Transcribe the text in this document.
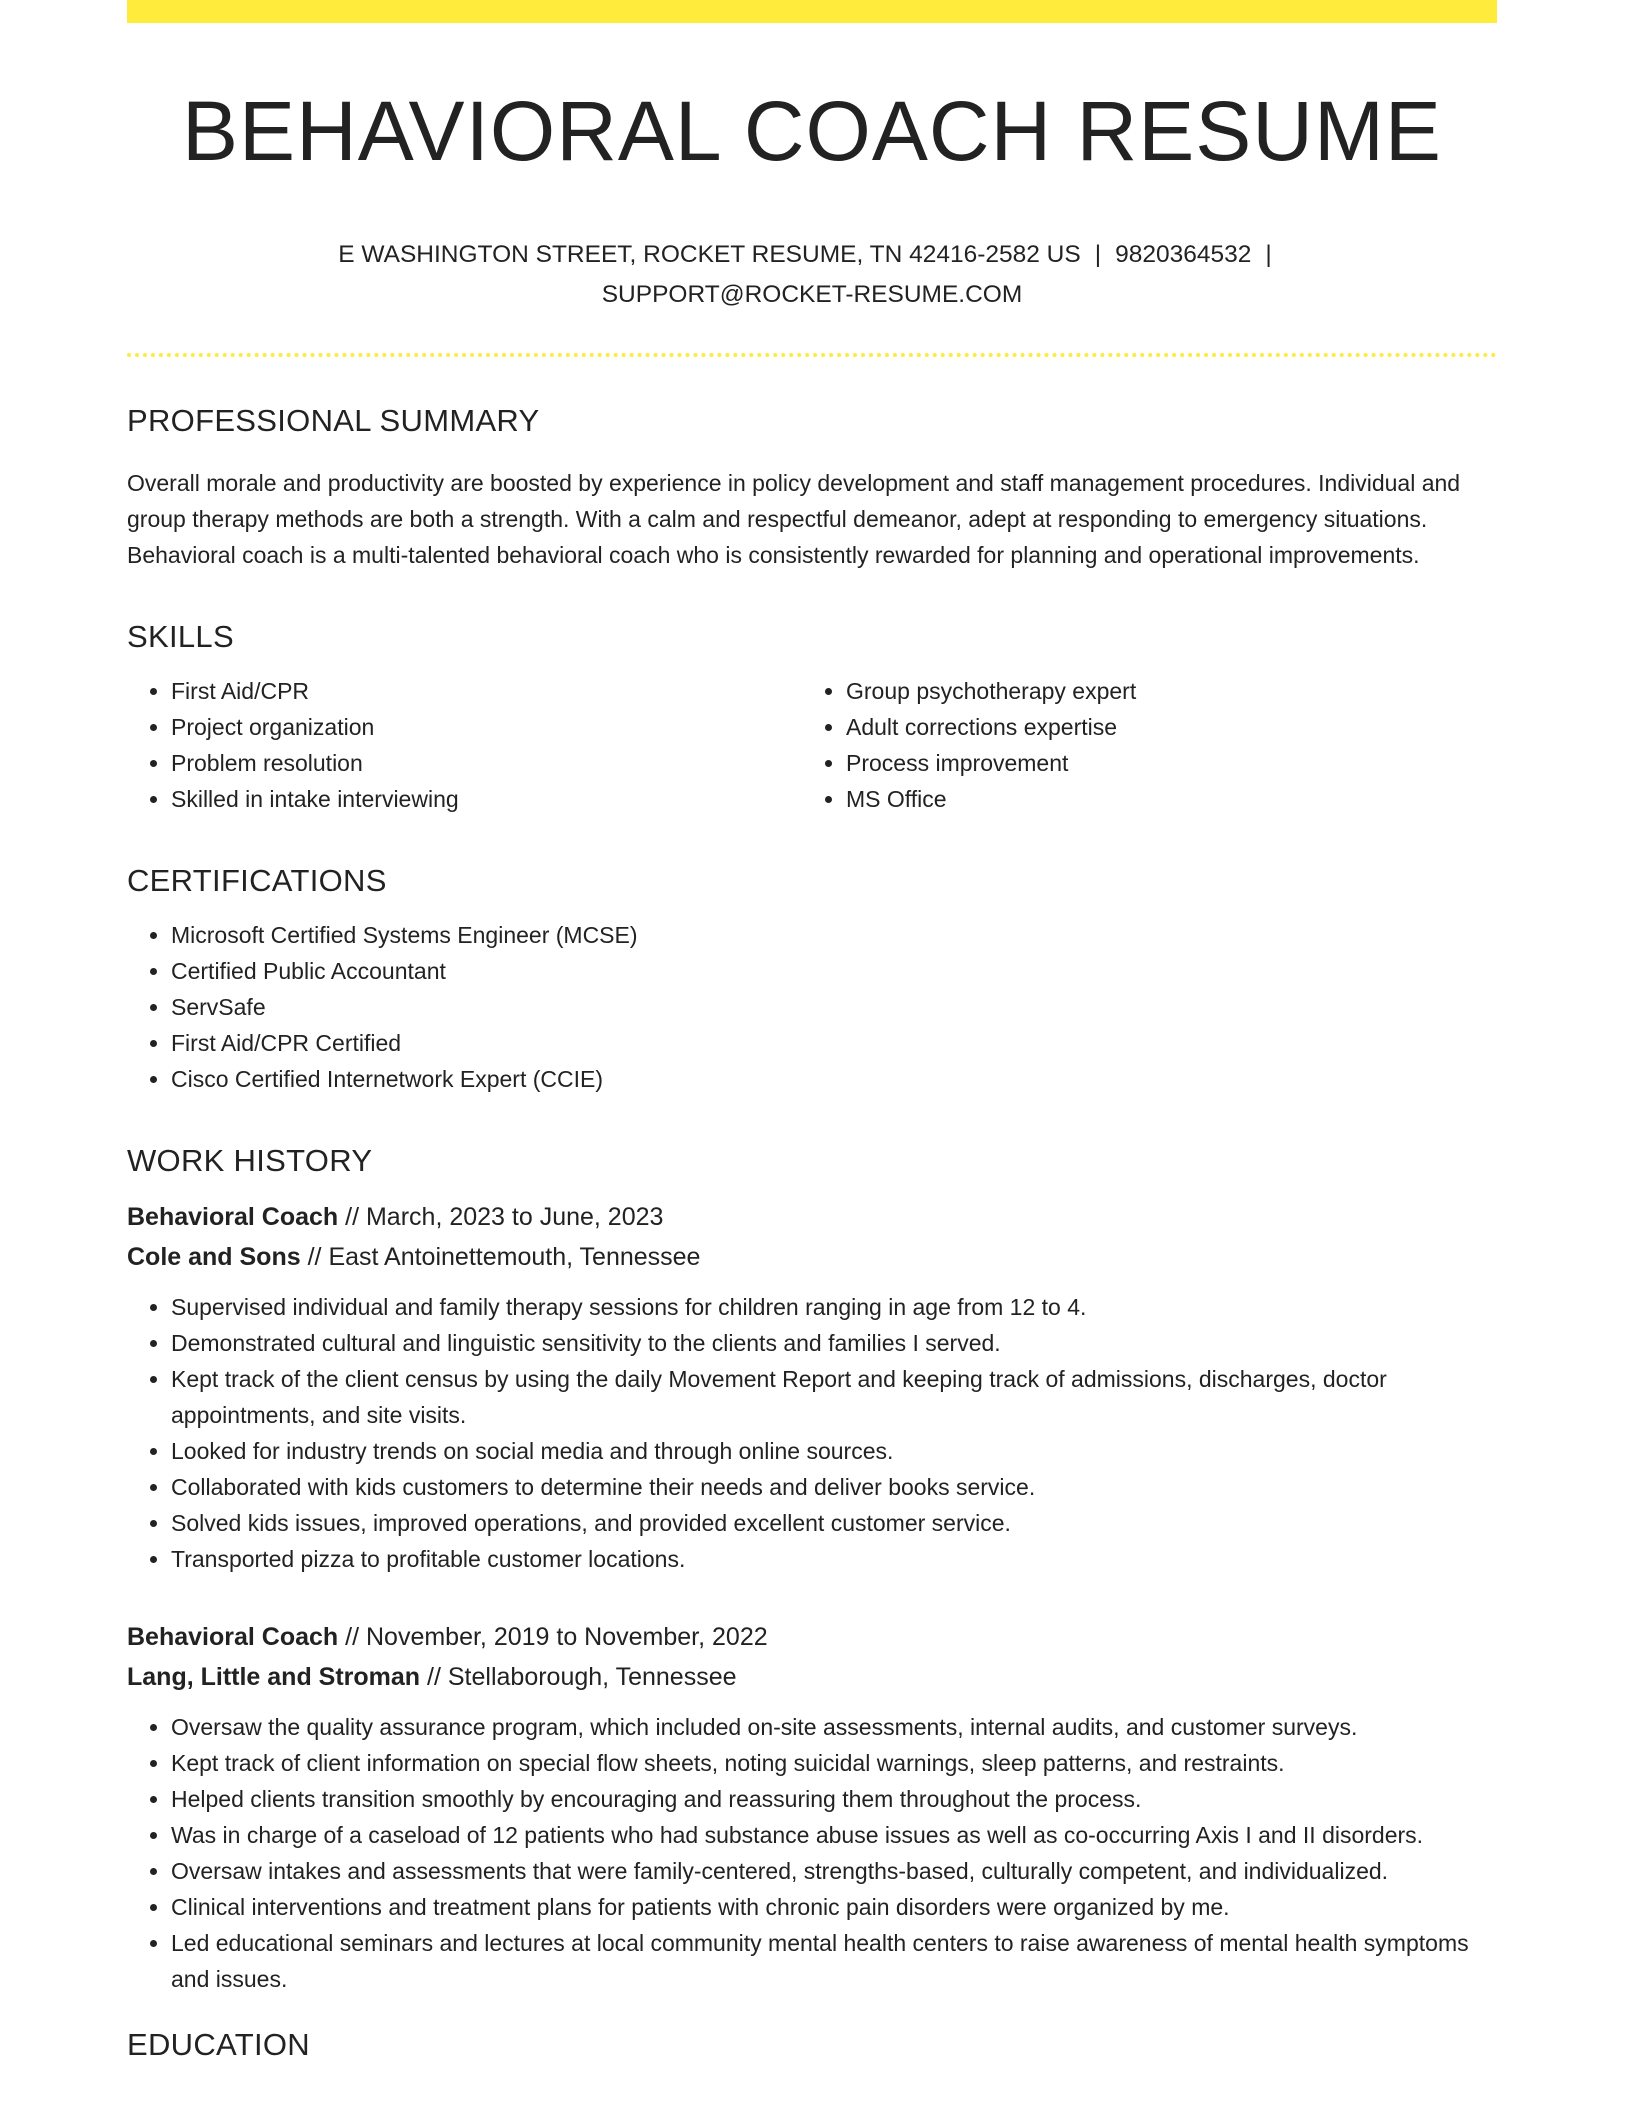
BEHAVIORAL COACH RESUME
E WASHINGTON STREET, ROCKET RESUME, TN 42416-2582 US | 9820364532 |
SUPPORT@ROCKET-RESUME.COM
PROFESSIONAL SUMMARY
Overall morale and productivity are boosted by experience in policy development and staff management procedures. Individual and group therapy methods are both a strength. With a calm and respectful demeanor, adept at responding to emergency situations. Behavioral coach is a multi-talented behavioral coach who is consistently rewarded for planning and operational improvements.
SKILLS
• First Aid/CPR
• Project organization
• Problem resolution
• Skilled in intake interviewing
• Group psychotherapy expert
• Adult corrections expertise
• Process improvement
• MS Office
CERTIFICATIONS
• Microsoft Certified Systems Engineer (MCSE)
• Certified Public Accountant
• ServSafe
• First Aid/CPR Certified
• Cisco Certified Internetwork Expert (CCIE)
WORK HISTORY
Behavioral Coach // March, 2023 to June, 2023
Cole and Sons // East Antoinettemouth, Tennessee
• Supervised individual and family therapy sessions for children ranging in age from 12 to 4.
• Demonstrated cultural and linguistic sensitivity to the clients and families I served.
• Kept track of the client census by using the daily Movement Report and keeping track of admissions, discharges, doctor appointments, and site visits.
• Looked for industry trends on social media and through online sources.
• Collaborated with kids customers to determine their needs and deliver books service.
• Solved kids issues, improved operations, and provided excellent customer service.
• Transported pizza to profitable customer locations.
Behavioral Coach // November, 2019 to November, 2022
Lang, Little and Stroman // Stellaborough, Tennessee
• Oversaw the quality assurance program, which included on-site assessments, internal audits, and customer surveys.
• Kept track of client information on special flow sheets, noting suicidal warnings, sleep patterns, and restraints.
• Helped clients transition smoothly by encouraging and reassuring them throughout the process.
• Was in charge of a caseload of 12 patients who had substance abuse issues as well as co-occurring Axis I and II disorders.
• Oversaw intakes and assessments that were family-centered, strengths-based, culturally competent, and individualized.
• Clinical interventions and treatment plans for patients with chronic pain disorders were organized by me.
• Led educational seminars and lectures at local community mental health centers to raise awareness of mental health symptoms and issues.
EDUCATION
